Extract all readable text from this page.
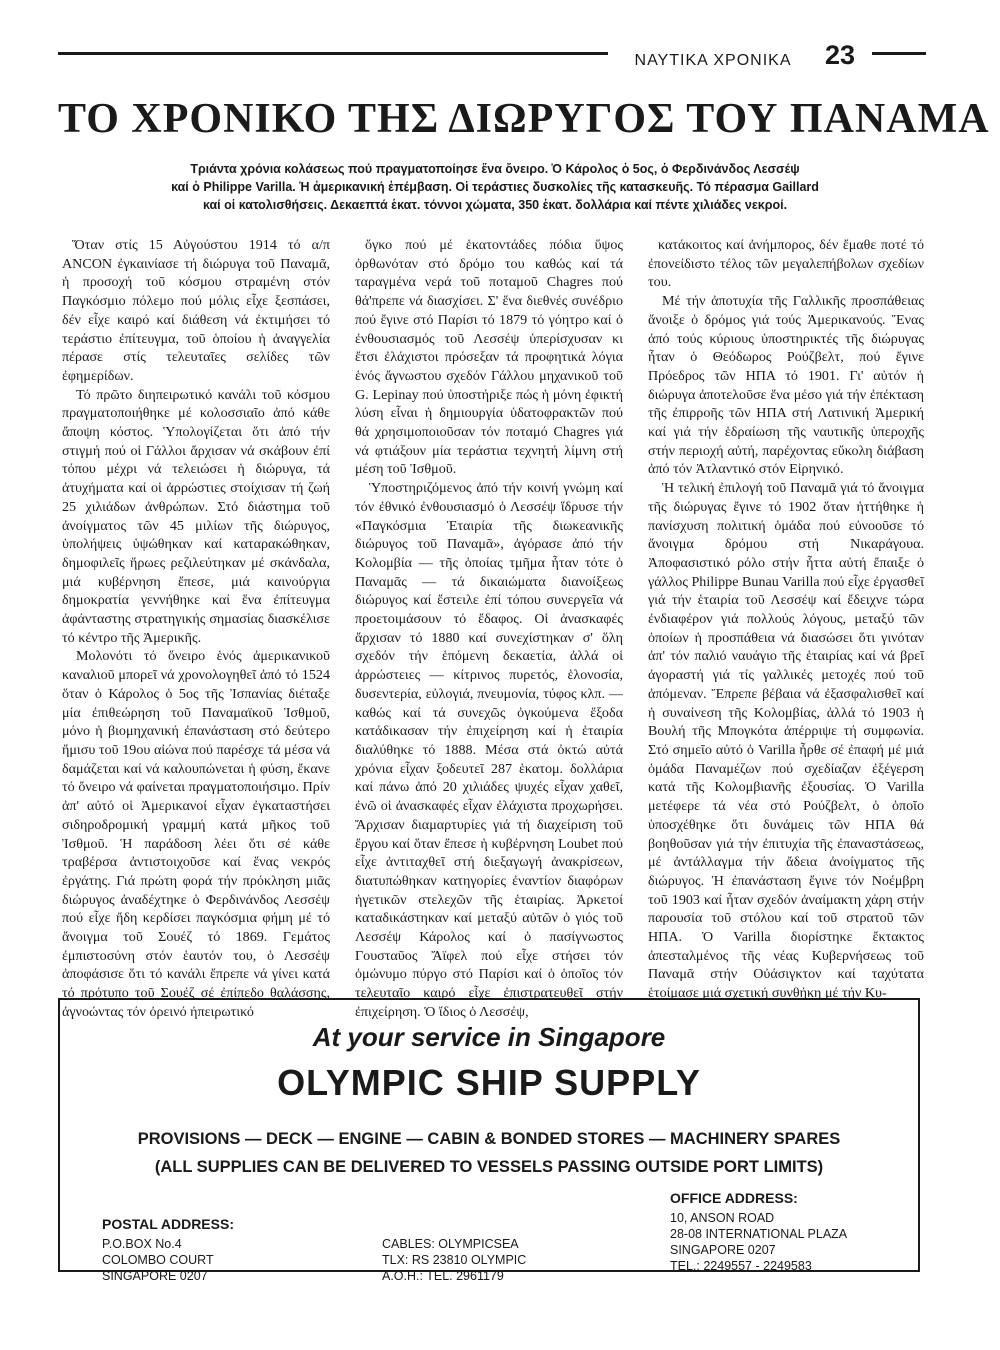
ΝΑΥΤΙΚΑ ΧΡΟΝΙΚΑ	23
ΤΟ ΧΡΟΝΙΚΟ ΤΗΣ ΔΙΩΡΥΓΟΣ ΤΟΥ ΠΑΝΑΜΑ

Τριάντα χρόνια κολάσεως πού πραγματοποίησε ἕνα ὄνειρο. Ὁ Κάρολος ὁ 5ος, ὁ Φερδινάνδος Λεσσέψ

καί ὁ Philippe Varilla. Ἡ ἀμερικανική ἐπέμβαση. Οἱ τεράστιες δυσκολίες τῆς κατασκευῆς. Τό πέρασμα Gaillard

καί οἱ κατολισθήσεις. Δεκαεπτά ἑκατ. τόννοι χώματα, 350 ἑκατ. δολλάρια καί πέντε χιλιάδες νεκροί.

Ὅταν στίς 15 Αὐγούστου 1914 τό α/π ANCON ἐγκαινίασε τή διώρυγα τοῦ Παναμᾶ, ἡ προσοχή τοῦ κόσμου στραμένη στόν Παγκόσμιο πόλεμο πού μόλις εἶχε ξεσπάσει, δέν εἶχε καιρό καί διάθεση νά ἐκτιμήσει τό τεράστιο ἐπίτευγμα, τοῦ ὁποίου ἡ ἀναγγελία πέρασε στίς τελευταῖες σελίδες τῶν ἐφημερίδων.

Τό πρῶτο διηπειρωτικό κανάλι τοῦ κόσμου πραγματοποιήθηκε μέ κολοσσιαῖο ἀπό κάθε ἄποψη κόστος. Ὑπολογίζεται ὅτι ἀπό τήν στιγμή πού οἱ Γάλλοι ἄρχισαν νά σκάβουν ἐπί τόπου μέχρι νά τελειώσει ἡ διώρυγα, τά ἀτυχήματα καί οἱ ἀρρώστιες στοίχισαν τή ζωή 25 χιλιάδων ἀνθρώπων. Στό διάστημα τοῦ ἀνοίγματος τῶν 45 μιλίων τῆς διώρυγος, ὑπολήψεις ὑψώθηκαν καί καταρακώθηκαν, δημοφιλεῖς ἥρωες ρεζιλεύτηκαν μέ σκάνδαλα, μιά κυβέρνηση ἔπεσε, μιά καινούργια δημοκρατία γεννήθηκε καί ἕνα ἐπίτευγμα ἀφάνταστης στρατηγικής σημασίας διασκέλισε τό κέντρο τῆς Ἀμερικῆς.

Μολονότι τό ὄνειρο ἑνός ἀμερικανικοῦ καναλιοῦ μπορεῖ νά χρονολογηθεῖ ἀπό τό 1524 ὅταν ὁ Κάρολος ὁ 5ος τῆς Ἰσπανίας διέταξε μία ἐπιθεώρηση τοῦ Παναμαϊκοῦ Ἰσθμοῦ, μόνο ἡ βιομηχανική ἐπανάσταση στό δεύτερο ἥμισυ τοῦ 19ου αἰώνα πού παρέσχε τά μέσα νά δαμάζεται καί νά καλουπώνεται ἡ φύση, ἔκανε τό ὄνειρο νά φαίνεται πραγματοποιήσιμο. Πρίν ἀπ' αὐτό οἱ Ἀμερικανοί εἶχαν ἐγκαταστήσει σιδηροδρομική γραμμή κατά μῆκος τοῦ Ἰσθμοῦ. Ἡ παράδοση λέει ὅτι σέ κάθε τραβέρσα ἀντιστοιχοῦσε καί ἕνας νεκρός ἐργάτης. Γιά πρώτη φορά τήν πρόκληση μιᾶς διώρυγος ἀναδέχτηκε ὁ Φερδινάνδος Λεσσέψ πού εἶχε ἤδη κερδίσει παγκόσμια φήμη μέ τό ἄνοιγμα τοῦ Σουέζ τό 1869. Γεμάτος ἐμπιστοσύνη στόν ἑαυτόν του, ὁ Λεσσέψ ἀποφάσισε ὅτι τό κανάλι ἔπρεπε νά γίνει κατά τό πρότυπο τοῦ Σουέζ σέ ἐπίπεδο θαλάσσης, ἀγνοώντας τόν ὀρεινό ἠπειρωτικό

ὄγκο πού μέ ἑκατοντάδες πόδια ὕψος ὀρθωνόταν στό δρόμο του καθώς καί τά ταραγμένα νερά τοῦ ποταμοῦ Chagres πού θά'πρεπε νά διασχίσει. Σ' ἕνα διεθνές συνέδριο πού ἔγινε στό Παρίσι τό 1879 τό γόητρο καί ὁ ἐνθουσιασμός τοῦ Λεσσέψ ὑπερίσχυσαν κι ἔτσι ἐλάχιστοι πρόσεξαν τά προφητικά λόγια ἑνός ἄγνωστου σχεδόν Γάλλου μηχανικοῦ τοῦ G. Lepinay πού ὑποστήριξε πώς ἡ μόνη ἐφικτή λύση εἶναι ἡ δημιουργία ὑδατοφρακτῶν πού θά χρησιμοποιοῦσαν τόν ποταμό Chagres γιά νά φτιάξουν μία τεράστια τεχνητή λίμνη στή μέση τοῦ Ἰσθμοῦ.

Ὑποστηριζόμενος ἀπό τήν κοινή γνώμη καί τόν ἐθνικό ἐνθουσιασμό ὁ Λεσσέψ ἵδρυσε τήν «Παγκόσμια Ἑταιρία τῆς διωκεανικῆς διώρυγος τοῦ Παναμᾶ», ἀγόρασε ἀπό τήν Κολομβία — τῆς ὁποίας τμῆμα ἦταν τότε ὁ Παναμᾶς — τά δικαιώματα διανοίξεως διώρυγος καί ἔστειλε ἐπί τόπου συνεργεῖα νά προετοιμάσουν τό ἔδαφος. Οἱ ἀνασκαφές ἄρχισαν τό 1880 καί συνεχίστηκαν σ' ὅλη σχεδόν τήν ἑπόμενη δεκαετία, ἀλλά οἱ ἀρρώστειες — κίτρινος πυρετός, ἑλονοσία, δυσεντερία, εὐλογιά, πνευμονία, τύφος κλπ. — καθώς καί τά συνεχῶς ὀγκούμενα ἔξοδα κατάδικασαν τήν ἐπιχείρηση καί ἡ ἑταιρία διαλύθηκε τό 1888. Μέσα στά ὀκτώ αὐτά χρόνια εἶχαν ξοδευτεῖ 287 ἑκατομ. δολλάρια καί πάνω ἀπό 20 χιλιάδες ψυχές εἶχαν χαθεῖ, ἐνῶ οἱ ἀνασκαφές εἶχαν ἐλάχιστα προχωρήσει. Ἄρχισαν διαμαρτυρίες γιά τή διαχείριση τοῦ ἔργου καί ὅταν ἔπεσε ἡ κυβέρνηση Loubet πού εἶχε ἀντιταχθεῖ στή διεξαγωγή ἀνακρίσεων, διατυπώθηκαν κατηγορίες ἐναντίον διαφόρων ἡγετικῶν στελεχῶν τῆς ἑταιρίας. Ἀρκετοί καταδικάστηκαν καί μεταξύ αὐτῶν ὁ γιός τοῦ Λεσσέψ Κάρολος καί ὁ πασίγνωστος Γουσταῦος Ἄϊφελ πού εἶχε στήσει τόν ὁμώνυμο πύργο στό Παρίσι καί ὁ ὁποῖος τόν τελευταῖο καιρό εἶχε ἐπιστρατευθεῖ στήν ἐπιχείρηση. Ὁ ἴδιος ὁ Λεσσέψ,

κατάκοιτος καί ἀνήμπορος, δέν ἔμαθε ποτέ τό ἐπονείδιστο τέλος τῶν μεγαλεπήβολων σχεδίων του.

Μέ τήν ἀποτυχία τῆς Γαλλικῆς προσπάθειας ἄνοιξε ὁ δρόμος γιά τούς Ἀμερικανούς. Ἕνας ἀπό τούς κύριους ὑποστηρικτές τῆς διώρυγας ἦταν ὁ Θεόδωρος Ρούζβελτ, πού ἔγινε Πρόεδρος τῶν ΗΠΑ τό 1901. Γι' αὐτόν ἡ διώρυγα ἀποτελοῦσε ἕνα μέσο γιά τήν ἐπέκταση τῆς ἐπιρροῆς τῶν ΗΠΑ στή Λατινική Ἀμερική καί γιά τήν ἑδραίωση τῆς ναυτικῆς ὑπεροχῆς στήν περιοχή αὐτή, παρέχοντας εὔκολη διάβαση ἀπό τόν Ἀτλαντικό στόν Εἰρηνικό.

Ἡ τελική ἐπιλογή τοῦ Παναμᾶ γιά τό ἄνοιγμα τῆς διώρυγας ἔγινε τό 1902 ὅταν ἡττήθηκε ἡ πανίσχυση πολιτική ὁμάδα πού εὐνοοῦσε τό ἄνοιγμα δρόμου στή Νικαράγουα. Ἀποφασιστικό ρόλο στήν ἧττα αὐτή ἔπαιξε ὁ γάλλος Philippe Bunau Varilla πού εἶχε ἐργασθεῖ γιά τήν ἑταιρία τοῦ Λεσσέψ καί ἔδειχνε τώρα ἐνδιαφέρον γιά πολλούς λόγους, μεταξύ τῶν ὁποίων ἡ προσπάθεια νά διασώσει ὅτι γινόταν ἀπ' τόν παλιό ναυάγιο τῆς ἑταιρίας καί νά βρεῖ ἀγοραστή γιά τίς γαλλικές μετοχές πού τοῦ ἀπόμεναν. Ἔπρεπε βέβαια νά ἐξασφαλισθεῖ καί ἡ συναίνεση τῆς Κολομβίας, ἀλλά τό 1903 ἡ Βουλή τῆς Μπογκότα ἀπέρριψε τή συμφωνία. Στό σημεῖο αὐτό ὁ Varilla ἦρθε σέ ἐπαφή μέ μιά ὁμάδα Παναμέζων πού σχεδίαζαν ἐξέγερση κατά τῆς Κολομβιανῆς ἐξουσίας. Ὁ Varilla μετέφερε τά νέα στό Ρούζβελτ, ὁ ὁποῖο ὑποσχέθηκε ὅτι δυνάμεις τῶν ΗΠΑ θά βοηθοῦσαν γιά τήν ἐπιτυχία τῆς ἐπαναστάσεως, μέ ἀντάλλαγμα τήν ἄδεια ἀνοίγματος τῆς διώρυγος. Ἡ ἐπανάσταση ἔγινε τόν Νοέμβρη τοῦ 1903 καί ἦταν σχεδόν ἀναίμακτη χάρη στήν παρουσία τοῦ στόλου καί τοῦ στρατοῦ τῶν ΗΠΑ. Ὁ Varilla διορίστηκε ἔκτακτος ἀπεσταλμένος τῆς νέας Κυβερνήσεως τοῦ Παναμᾶ στήν Οὐάσιγκτον καί ταχύτατα ἑτοίμασε μιά σχετική συνθήκη μέ τήν Κυ-

At your service in Singapore
OLYMPIC SHIP SUPPLY
PROVISIONS — DECK — ENGINE — CABIN & BONDED STORES — MACHINERY SPARES
(ALL SUPPLIES CAN BE DELIVERED TO VESSELS PASSING OUTSIDE PORT LIMITS)
POSTAL ADDRESS:
P.O.BOX No.4
COLOMBO COURT
SINGAPORE 0207
CABLES: OLYMPICSEA
TLX: RS 23810 OLYMPIC
A.O.H.: TEL. 2961179
OFFICE ADDRESS:
10, ANSON ROAD
28-08 INTERNATIONAL PLAZA
SINGAPORE 0207
TEL.: 2249557 - 2249583
